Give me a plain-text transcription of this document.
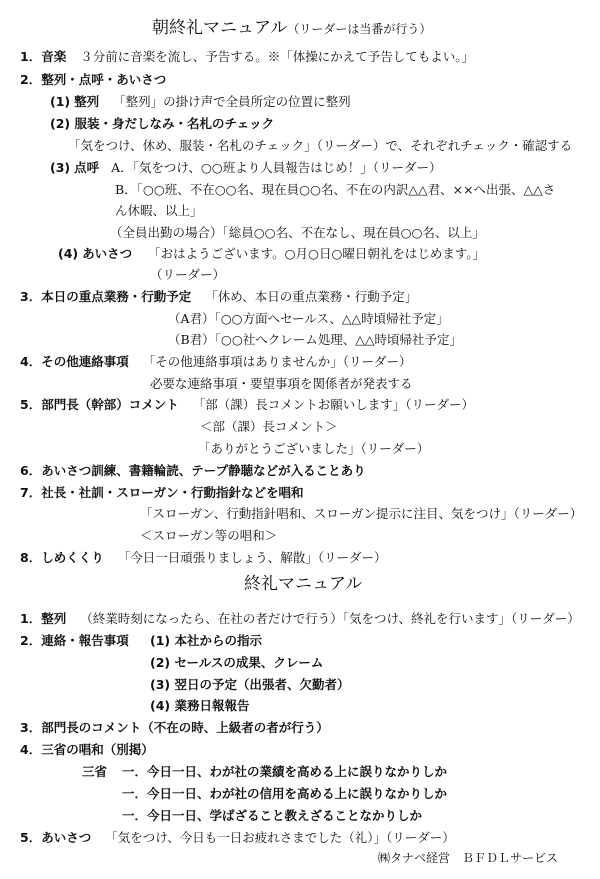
朝終礼マニュアル（リーダーは当番が行う）
1．音楽 ３分前に音楽を流し、予告する。※「体操にかえて予告してもよい。」
2．整列・点呼・あいさつ
(1) 整列 「整列」の掛け声で全員所定の位置に整列
(2) 服装・身だしなみ・名札のチェック
「気をつけ、休め、服装・名札のチェック」（リーダー）で、それぞれチェック・確認する
(3) 点呼 A．「気をつけ、○○班より人員報告はじめ！」（リーダー）
B．「○○班、不在○○名、現在員○○名、不在の内訳△△君、××へ出張、△△さ
ん休暇、以上」
（全員出勤の場合）「総員○○名、不在なし、現在員○○名、以上」
(4) あいさつ 「おはようございます。○月○日○曜日朝礼をはじめます。」
（リーダー）
3．本日の重点業務・行動予定 「休め、本日の重点業務・行動予定」
（A君）「○○方面へセールス、△△時頃帰社予定」
（B君）「○○社へクレーム処理、△△時頃帰社予定」
4．その他連絡事項 「その他連絡事項はありませんか」（リーダー）
必要な連絡事項・要望事項を関係者が発表する
5．部門長（幹部）コメント 「部（課）長コメントお願いします」（リーダー）
＜部（課）長コメント＞
「ありがとうございました」（リーダー）
6．あいさつ訓練、書籍輪読、テープ静聴などが入ることあり
7．社長・社訓・スローガン・行動指針などを唱和
「スローガン、行動指針唱和、スローガン提示に注目、気をつけ」（リーダー）
＜スローガン等の唱和＞
8．しめくくり 「今日一日頑張りましょう、解散」（リーダー）
終礼マニュアル
1．整列 （終業時刻になったら、在社の者だけで行う）「気をつけ、終礼を行います」（リーダー）
2．連絡・報告事項 (1) 本社からの指示
(2) セールスの成果、クレーム
(3) 翌日の予定（出張者、欠勤者）
(4) 業務日報報告
3．部門長のコメント（不在の時、上級者の者が行う）
4．三省の唱和（別掲）
三省 一．今日一日、わが社の業績を高める上に誤りなかりしか
一．今日一日、わが社の信用を高める上に誤りなかりしか
一．今日一日、学ばざること教えざることなかりしか
5．あいさつ 「気をつけ、今日も一日お疲れさまでした（礼）」（リーダー）
㈱タナベ経営　ＢＦＤＬサービス
